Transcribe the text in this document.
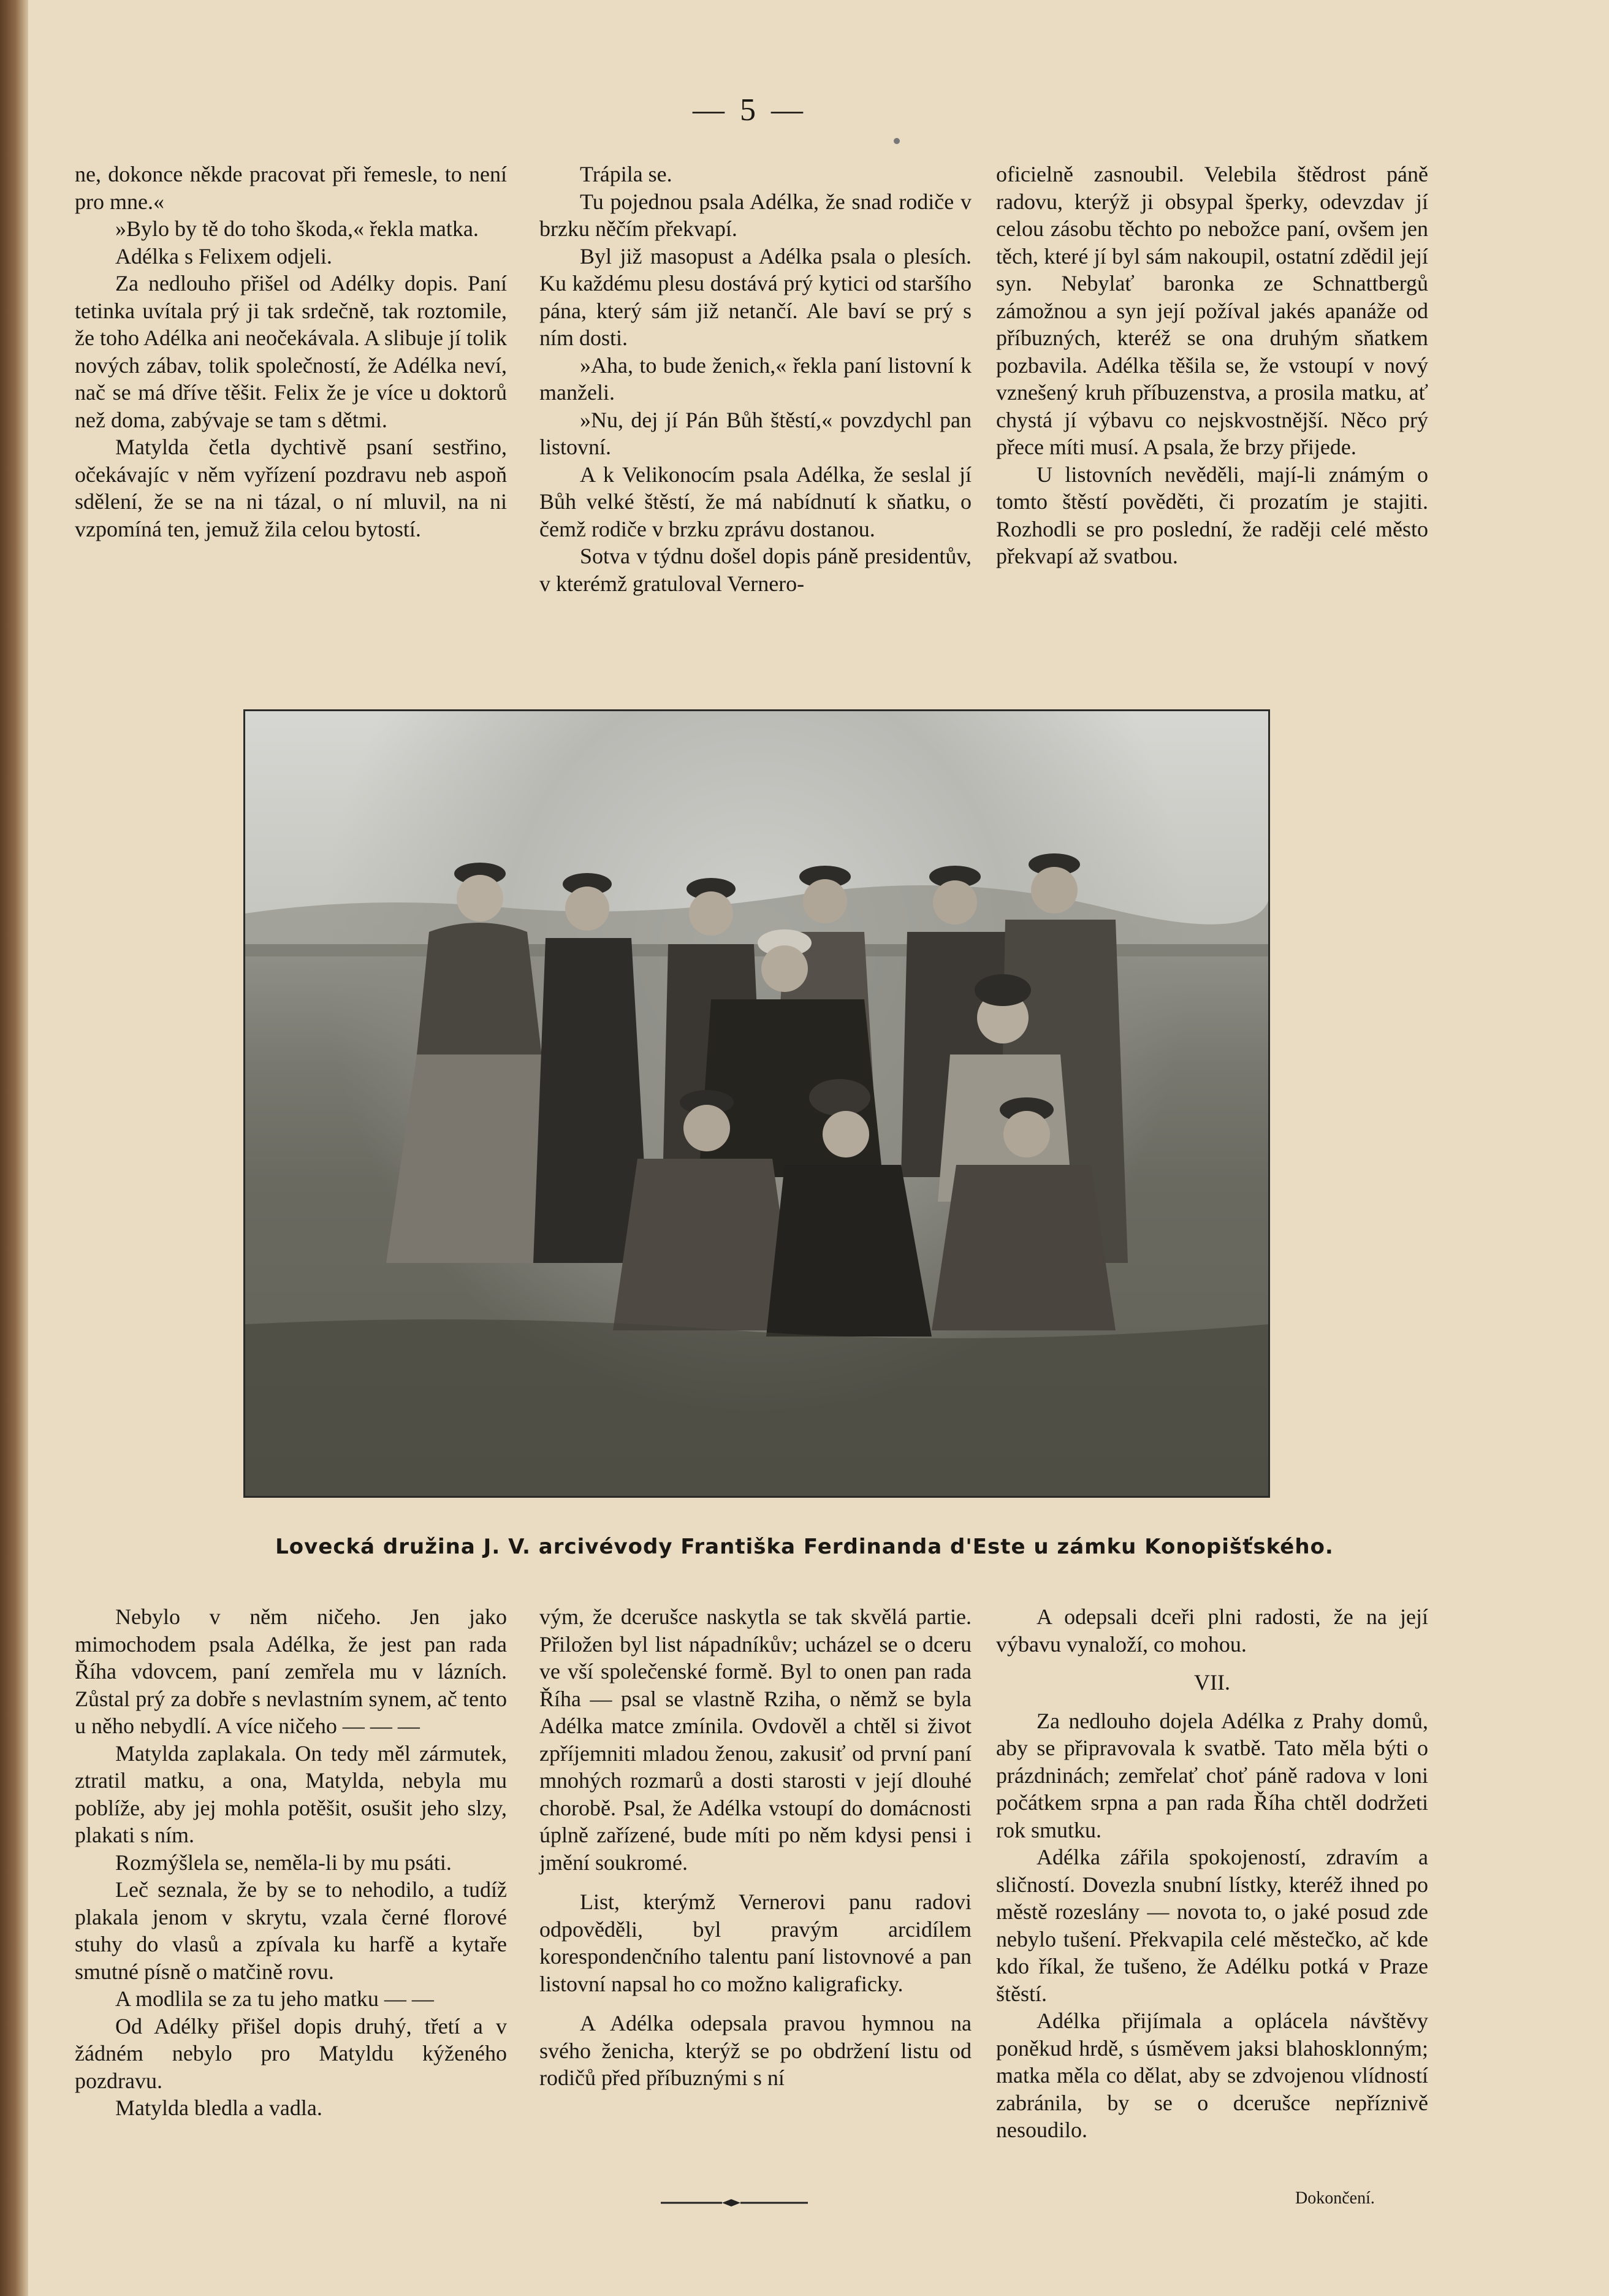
— 5 —

ne, dokonce někde pracovat při řemesle, to není pro mne.«

»Bylo by tě do toho škoda,« řekla matka.

Adélka s Felixem odjeli.

Za nedlouho přišel od Adélky dopis. Paní tetinka uvítala prý ji tak srdečně, tak roztomile, že toho Adélka ani neočekávala. A slibuje jí tolik nových zábav, tolik společností, že Adélka neví, nač se má dříve těšit. Felix že je více u doktorů než doma, zabývaje se tam s dětmi.

Matylda četla dychtivě psaní sestřino, očekávajíc v něm vyřízení pozdravu neb aspoň sdělení, že se na ni tázal, o ní mluvil, na ni vzpomíná ten, jemuž žila celou bytostí.

Trápila se.

Tu pojednou psala Adélka, že snad rodiče v brzku něčím překvapí.

Byl již masopust a Adélka psala o plesích. Ku každému plesu dostává prý kytici od staršího pána, který sám již netančí. Ale baví se prý s ním dosti.

»Aha, to bude ženich,« řekla paní listovní k manželi.

»Nu, dej jí Pán Bůh štěstí,« povzdychl pan listovní.

A k Velikonocím psala Adélka, že seslal jí Bůh velké štěstí, že má nabídnutí k sňatku, o čemž rodiče v brzku zprávu dostanou.

Sotva v týdnu došel dopis páně presidentův, v kterémž gratuloval Vernero-

oficielně zasnoubil. Velebila štědrost páně radovu, kterýž ji obsypal šperky, odevzdav jí celou zásobu těchto po nebožce paní, ovšem jen těch, které jí byl sám nakoupil, ostatní zdědil její syn. Nebylať baronka ze Schnattbergů zámožnou a syn její požíval jakés apanáže od příbuzných, kteréž se ona druhým sňatkem pozbavila. Adélka těšila se, že vstoupí v nový vznešený kruh příbuzenstva, a prosila matku, ať chystá jí výbavu co nejskvostnější. Něco prý přece míti musí. A psala, že brzy přijede.

U listovních nevěděli, mají-li známým o tomto štěstí pověděti, či prozatím je stajiti. Rozhodli se pro poslední, že raději celé město překvapí až svatbou.

Lovecká družina J. V. arcivévody Františka Ferdinanda d'Este u zámku Konopišťského.

Nebylo v něm ničeho. Jen jako mimochodem psala Adélka, že jest pan rada Říha vdovcem, paní zemřela mu v lázních. Zůstal prý za dobře s nevlastním synem, ač tento u něho nebydlí. A více ničeho — — —

Matylda zaplakala. On tedy měl zármutek, ztratil matku, a ona, Matylda, nebyla mu poblíže, aby jej mohla potěšit, osušit jeho slzy, plakati s ním.

Rozmýšlela se, neměla-li by mu psáti.

Leč seznala, že by se to nehodilo, a tudíž plakala jenom v skrytu, vzala černé florové stuhy do vlasů a zpívala ku harfě a kytaře smutné písně o matčině rovu.

A modlila se za tu jeho matku — —

Od Adélky přišel dopis druhý, třetí a v žádném nebylo pro Matyldu kýženého pozdravu.

Matylda bledla a vadla.

vým, že dcerušce naskytla se tak skvělá partie. Přiložen byl list nápadníkův; ucházel se o dceru ve vší společenské formě. Byl to onen pan rada Říha — psal se vlastně Rziha, o němž se byla Adélka matce zmínila. Ovdověl a chtěl si život zpříjemniti mladou ženou, zakusiť od první paní mnohých rozmarů a dosti starosti v její dlouhé chorobě. Psal, že Adélka vstoupí do domácnosti úplně zařízené, bude míti po něm kdysi pensi i jmění soukromé.

List, kterýmž Vernerovi panu radovi odpověděli, byl pravým arcidílem korespondenčního talentu paní listovnové a pan listovní napsal ho co možno kaligraficky.

A Adélka odepsala pravou hymnou na svého ženicha, kterýž se po obdržení listu od rodičů před příbuznými s ní

A odepsali dceři plni radosti, že na její výbavu vynaloží, co mohou.

VII.

Za nedlouho dojela Adélka z Prahy domů, aby se připravovala k svatbě. Tato měla býti o prázdninách; zemřelať choť páně radova v loni počátkem srpna a pan rada Říha chtěl dodržeti rok smutku.

Adélka zářila spokojeností, zdravím a sličností. Dovezla snubní lístky, kteréž ihned po městě rozeslány — novota to, o jaké posud zde nebylo tušení. Překvapila celé městečko, ač kde kdo říkal, že tušeno, že Adélku potká v Praze štěstí.

Adélka přijímala a oplácela návštěvy poněkud hrdě, s úsměvem jaksi blahosklonným; matka měla co dělat, aby se zdvojenou vlídností zabránila, by se o dcerušce nepříznivě nesoudilo.

Dokončení.
